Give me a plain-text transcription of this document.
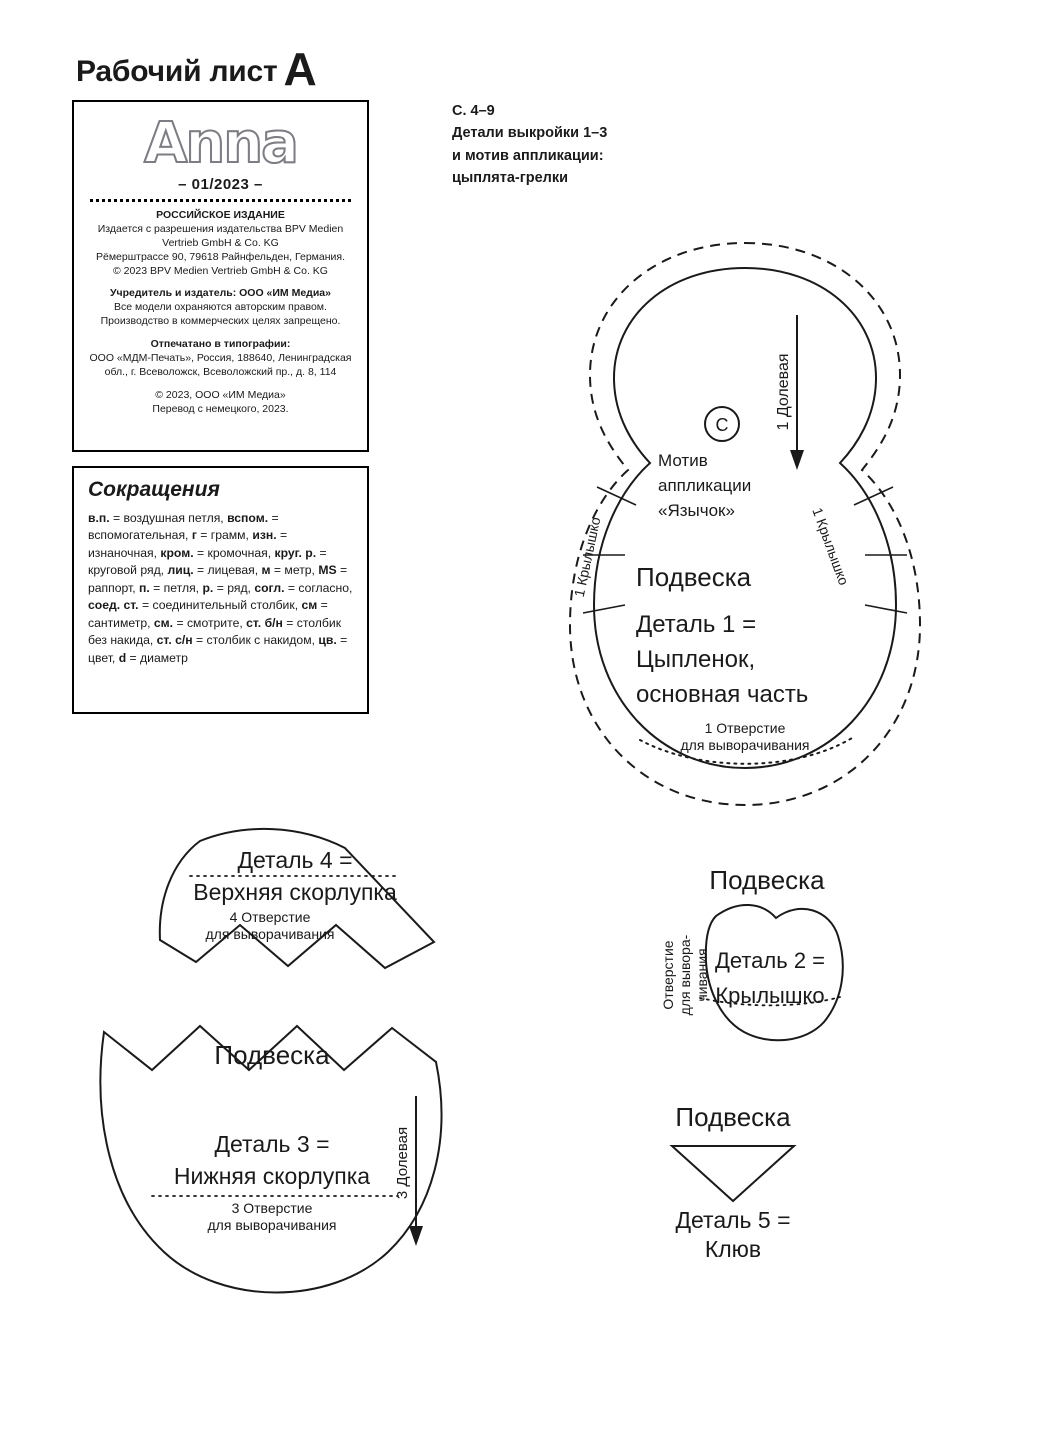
Рабочий лист A
Anna
– 01/2023 –
РОССИЙСКОЕ ИЗДАНИЕ

Издается с разрешения издательства BPV Medien

Vertrieb GmbH & Co. KG

Рёмерштрассе 90, 79618 Райнфельден, Германия.

© 2023 BPV Medien Vertrieb GmbH & Co. KG

Учредитель и издатель: ООО «ИМ Медиа»

Все модели охраняются авторским правом.

Производство в коммерческих целях запрещено.

Отпечатано в типографии:

ООО «МДМ-Печать», Россия, 188640, Ленинградская

обл., г. Всеволожск, Всеволожский пр., д. 8, 114

© 2023, ООО «ИМ Медиа»

Перевод с немецкого, 2023.

Сокращения
в.п. = воздушная петля, вспом. = вспомогательная, г = грамм, изн. = изнаночная, кром. = кромочная, круг. р. = круговой ряд, лиц. = лицевая, м = метр, MS = раппорт, п. = петля, р. = ряд, согл. = согласно, соед. ст. = соединительный столбик, см = сантиметр, см. = смотрите, ст. б/н = столбик без накида, ст. с/н = столбик с накидом, цв. = цвет, d = диаметр
C. 4–9
Детали выкройки 1–3
и мотив аппликации:
цыплята-грелки
1 Долевая
C
Мотив
аппликации
«Язычок»
1 Крылышко	1 Крылышко
Подвеска
Деталь 1 =
Цыпленок,
основная часть
1 Отверстие
для выворачивания
Деталь 4 =
Верхняя скорлупка
4 Отверстие
для выворачивания
3 Долевая
Подвеска
Деталь 3 =
Нижняя скорлупка
3 Отверстие
для выворачивания
Подвеска
Деталь 2 =
Крылышко
Отверстие для вывора- чивания
Подвеска
Деталь 5 =
Клюв
